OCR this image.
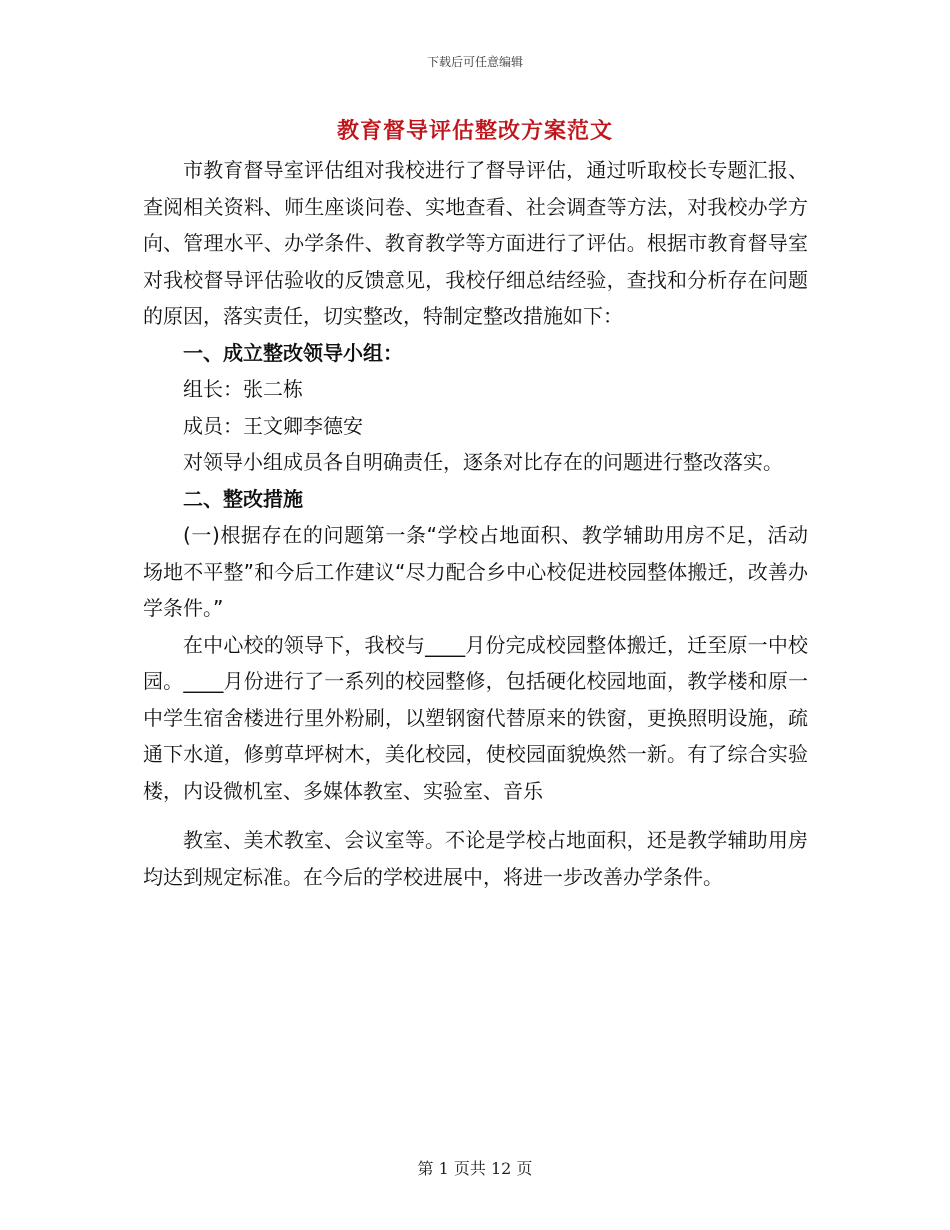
下载后可任意编辑
教育督导评估整改方案范文

市教育督导室评估组对我校进行了督导评估，通过听取校长专题汇报、查阅相关资料、师生座谈问卷、实地查看、社会调查等方法，对我校办学方向、管理水平、办学条件、教育教学等方面进行了评估。根据市教育督导室对我校督导评估验收的反馈意见，我校仔细总结经验，查找和分析存在问题的原因，落实责任，切实整改，特制定整改措施如下：

一、成立整改领导小组：

组长：张二栋

成员：王文卿李德安

对领导小组成员各自明确责任，逐条对比存在的问题进行整改落实。

二、整改措施

(一)根据存在的问题第一条“学校占地面积、教学辅助用房不足，活动场地不平整”和今后工作建议“尽力配合乡中心校促进校园整体搬迁，改善办学条件。”

在中心校的领导下，我校与____月份完成校园整体搬迁，迁至原一中校园。____月份进行了一系列的校园整修，包括硬化校园地面，教学楼和原一中学生宿舍楼进行里外粉刷，以塑钢窗代替原来的铁窗，更换照明设施，疏通下水道，修剪草坪树木，美化校园，使校园面貌焕然一新。有了综合实验楼，内设微机室、多媒体教室、实验室、音乐

教室、美术教室、会议室等。不论是学校占地面积，还是教学辅助用房均达到规定标准。在今后的学校进展中，将进一步改善办学条件。

第 1 页共 12 页
